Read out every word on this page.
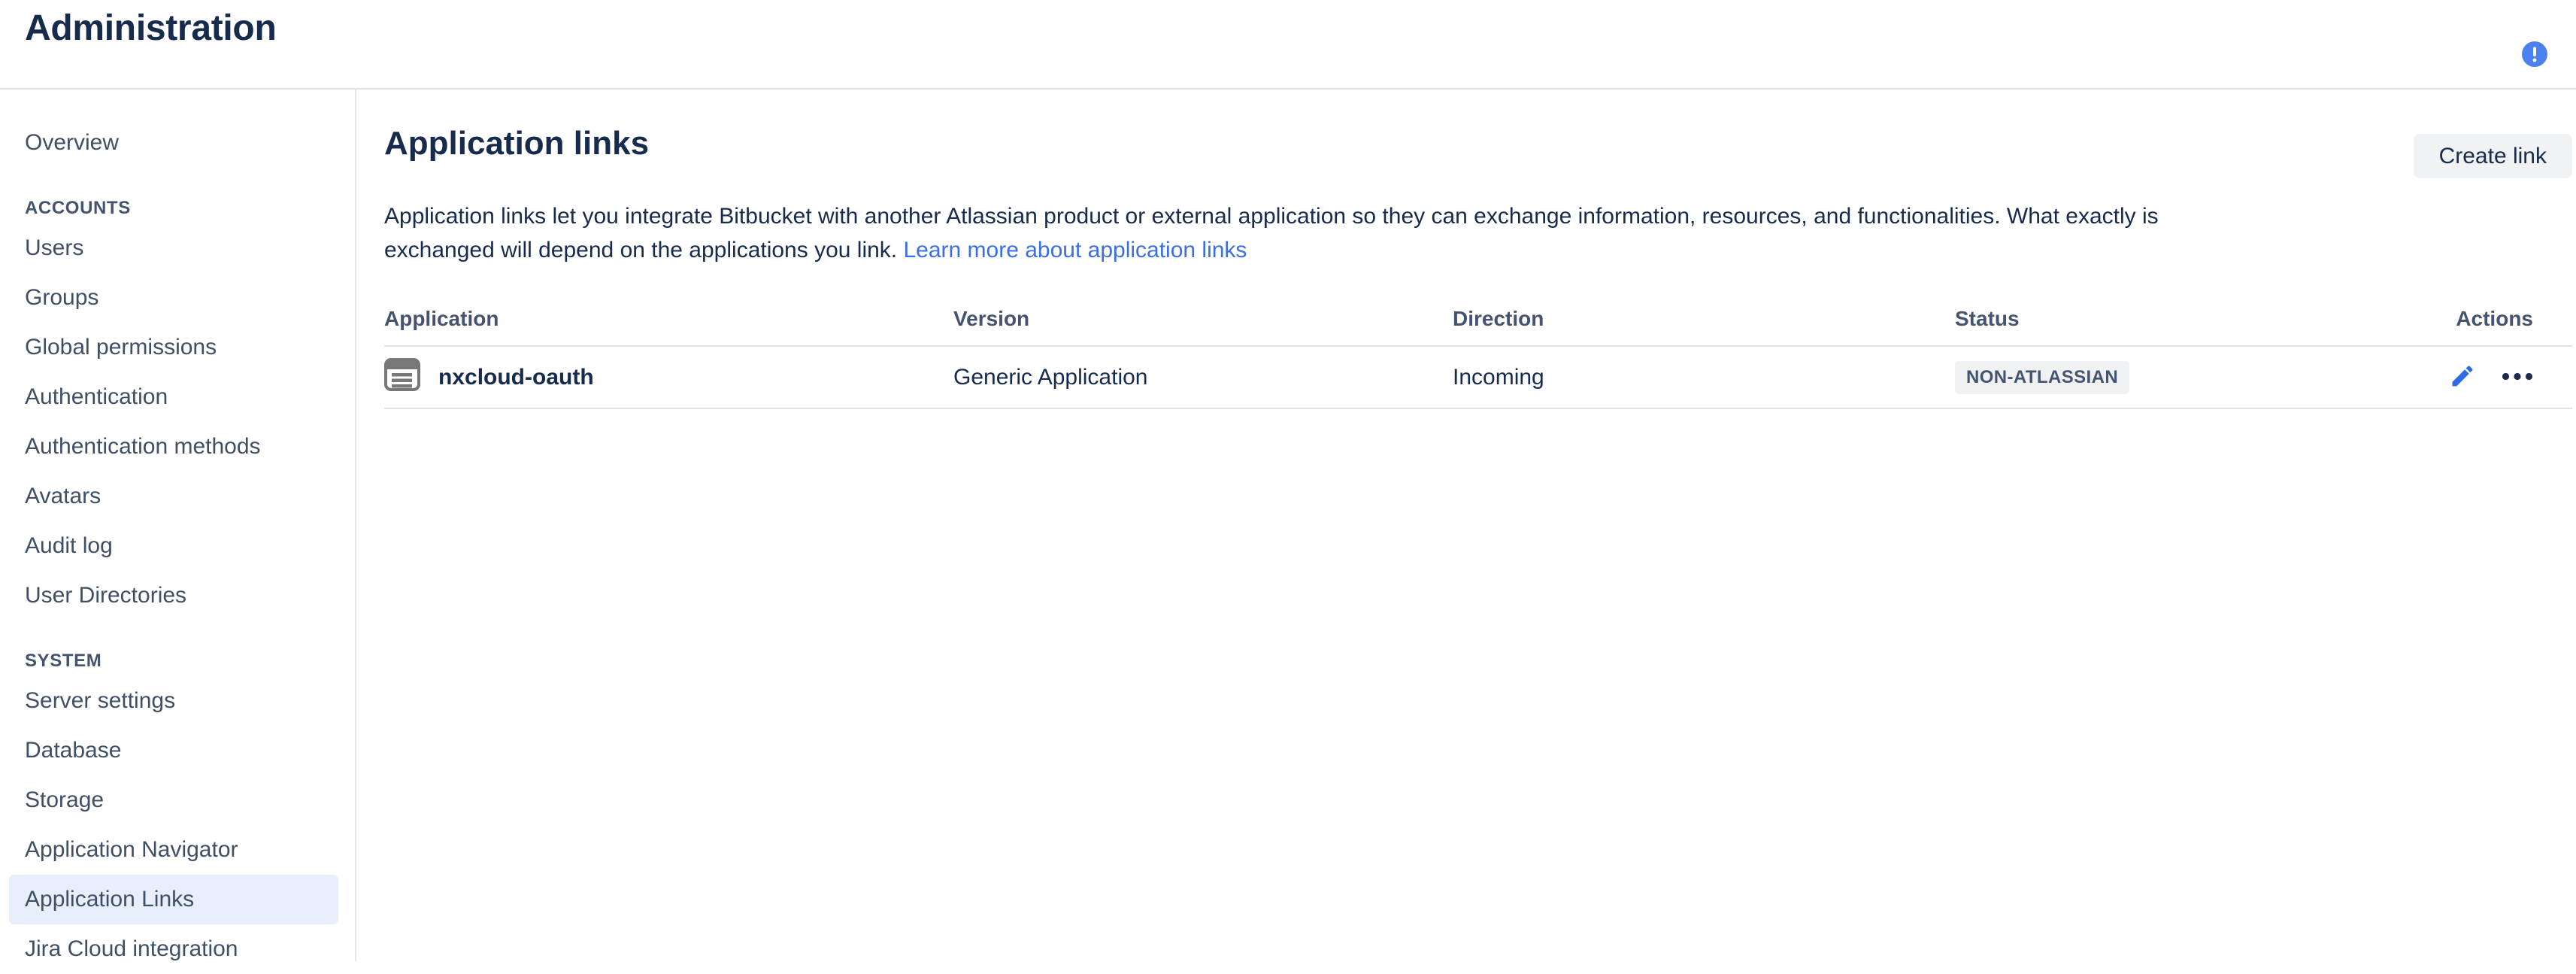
Administration
Overview
ACCOUNTS
Users
Groups
Global permissions
Authentication
Authentication methods
Avatars
Audit log
User Directories
SYSTEM
Server settings
Database
Storage
Application Navigator
Application Links
Jira Cloud integration
Application links	Create link

Application links let you integrate Bitbucket with another Atlassian product or external application so they can exchange information, resources, and functionalities. What exactly is exchanged will depend on the applications you link. Learn more about application links

Application	Version	Direction	Status	Actions
nxcloud-oauth	Generic Application	Incoming	NON-ATLASSIAN
